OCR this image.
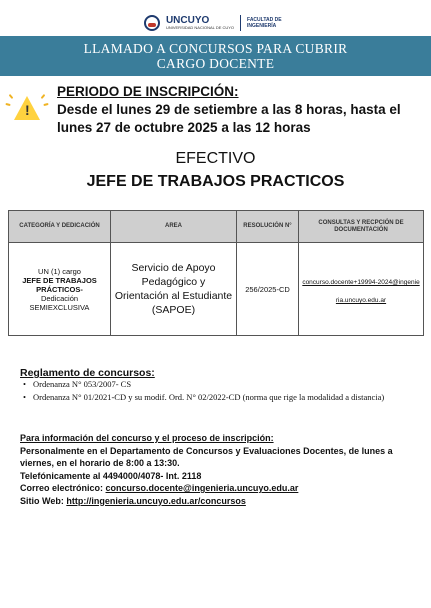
UNCUYO
UNIVERSIDAD NACIONAL DE CUYO
FACULTAD DE INGENIERÍA
LLAMADO A CONCURSOS PARA CUBRIR
CARGO DOCENTE
!
PERIODO DE INSCRIPCIÓN:
Desde el lunes 29 de setiembre a las 8 horas, hasta el lunes 27 de octubre 2025 a las 12 horas
EFECTIVO
JEFE DE TRABAJOS PRACTICOS
CATEGORÍA Y DEDICACIÓN	AREA	RESOLUCIÓN N°	CONSULTAS Y RECPCIÓN DE DOCUMENTACIÓN

UN (1) cargo
JEFE DE TRABAJOS PRÁCTICOS-
Dedicación SEMIEXCLUSIVA	Servicio de Apoyo Pedagógico y Orientación al Estudiante (SAPOE)	256/2025-CD	concurso.docente+19994-2024@ingenieria.uncuyo.edu.ar
Reglamento de concursos:
• Ordenanza N° 053/2007- CS
• Ordenanza N° 01/2021-CD y su modif. Ord. N° 02/2022-CD (norma que rige la modalidad a distancia)
Para información del concurso y el proceso de inscripción:
Personalmente en el Departamento de Concursos y Evaluaciones Docentes, de lunes a viernes, en el horario de 8:00 a 13:30.
Telefónicamente al 4494000/4078- Int. 2118
Correo electrónico: concurso.docente@ingenieria.uncuyo.edu.ar
Sitio Web: http://ingenieria.uncuyo.edu.ar/concursos
